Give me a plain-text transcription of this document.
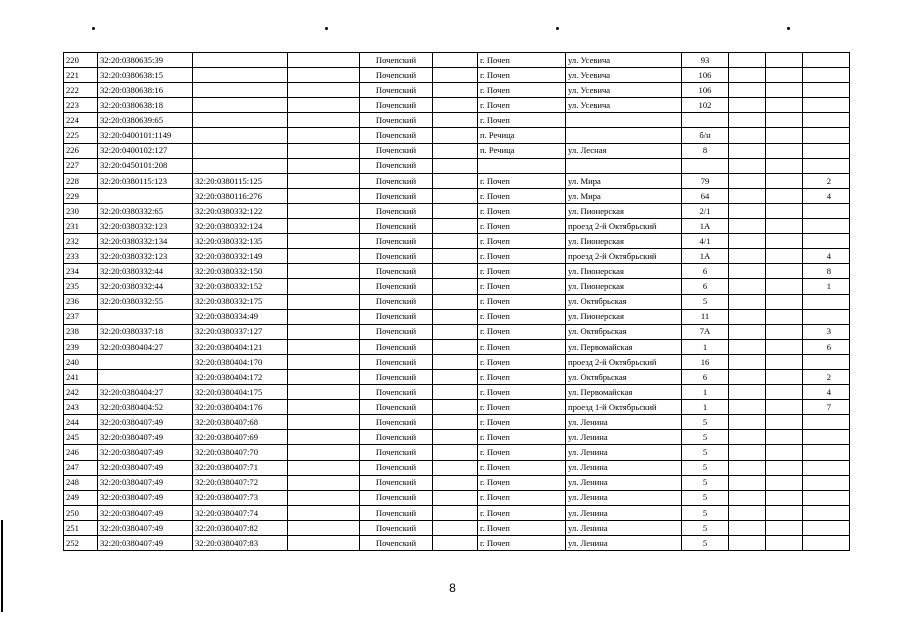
220	32:20:0380635:39			Почепский		г. Почеп	ул. Усевича	93			
221	32:20:0380638:15			Почепский		г. Почеп	ул. Усевича	106			
222	32:20:0380638:16			Почепский		г. Почеп	ул. Усевича	106			
223	32:20:0380638:18			Почепский		г. Почеп	ул. Усевича	102			
224	32:20:0380639:65			Почепский		г. Почеп					
225	32:20:0400101:1149			Почепский		п. Речица		б/н			
226	32:20:0400102:127			Почепский		п. Речица	ул. Лесная	8			
227	32:20:0450101:208			Почепский							
228	32:20:0380115:123	32:20:0380115:125		Почепский		г. Почеп	ул. Мира	79			2
229		32:20:0380116:276		Почепский		г. Почеп	ул. Мира	64			4
230	32:20:0380332:65	32:20:0380332:122		Почепский		г. Почеп	ул. Пионерская	2/1			
231	32:20:0380332:123	32:20:0380332:124		Почепский		г. Почеп	проезд 2-й Октябрьский	1А			
232	32:20:0380332:134	32:20:0380332:135		Почепский		г. Почеп	ул. Пионерская	4/1			
233	32:20:0380332:123	32:20:0380332:149		Почепский		г. Почеп	проезд 2-й Октябрьский	1А			4
234	32:20:0380332:44	32:20:0380332:150		Почепский		г. Почеп	ул. Пионерская	6			8
235	32:20:0380332:44	32:20:0380332:152		Почепский		г. Почеп	ул. Пионерская	6			1
236	32:20:0380332:55	32:20:0380332:175		Почепский		г. Почеп	ул. Октябрьская	5			
237		32:20:0380334:49		Почепский		г. Почеп	ул. Пионерская	11			
238	32:20:0380337:18	32:20:0380337:127		Почепский		г. Почеп	ул. Октябрьская	7А			3
239	32:20:0380404:27	32:20:0380404:121		Почепский		г. Почеп	ул. Первомайская	1			6
240		32:20:0380404:170		Почепский		г. Почеп	проезд 2-й Октябрьский	16			
241		32:20:0380404:172		Почепский		г. Почеп	ул. Октябрьская	6			2
242	32:20:0380404:27	32:20:0380404:175		Почепский		г. Почеп	ул. Первомайская	1			4
243	32:20:0380404:52	32:20:0380404:176		Почепский		г. Почеп	проезд 1-й Октябрьский	1			7
244	32:20:0380407:49	32:20:0380407:68		Почепский		г. Почеп	ул. Ленина	5			
245	32:20:0380407:49	32:20:0380407:69		Почепский		г. Почеп	ул. Ленина	5			
246	32:20:0380407:49	32:20:0380407:70		Почепский		г. Почеп	ул. Ленина	5			
247	32:20:0380407:49	32:20:0380407:71		Почепский		г. Почеп	ул. Ленина	5			
248	32:20:0380407:49	32:20:0380407:72		Почепский		г. Почеп	ул. Ленина	5			
249	32:20:0380407:49	32:20:0380407:73		Почепский		г. Почеп	ул. Ленина	5			
250	32:20:0380407:49	32:20:0380407:74		Почепский		г. Почеп	ул. Ленина	5			
251	32:20:0380407:49	32:20:0380407:82		Почепский		г. Почеп	ул. Ленина	5			
252	32:20:0380407:49	32:20:0380407:83		Почепский		г. Почеп	ул. Ленина	5			
8
